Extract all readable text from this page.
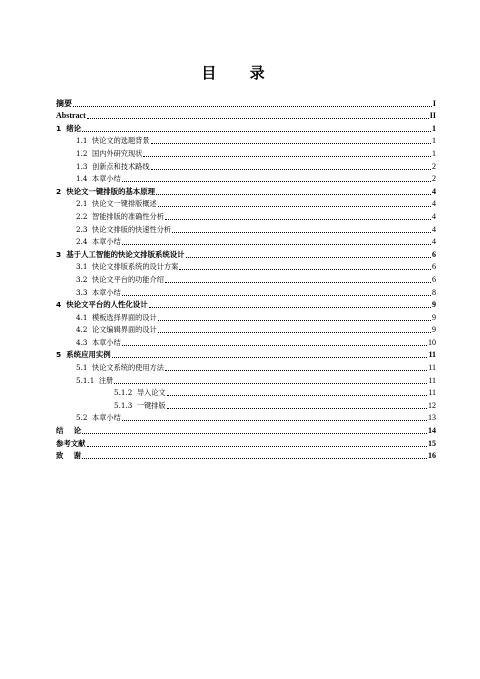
目 录
摘要	I
Abstract	II
1  绪论	1
1.1  快论文的选题背景	1
1.2  国内外研究现状	1
1.3  创新点和技术路线	2
1.4  本章小结	2
2  快论文一键排版的基本原理	4
2.1  快论文一键排版概述	4
2.2  智能排版的准确性分析	4
2.3  快论文排版的快速性分析	4
2.4  本章小结	4
3  基于人工智能的快论文排版系统设计	6
3.1  快论文排版系统的设计方案	6
3.2  快论文平台的功能介绍	6
3.3  本章小结	8
4  快论文平台的人性化设计	9
4.1  模板选择界面的设计	9
4.2  论文编辑界面的设计	9
4.3  本章小结	10
5  系统应用实例	11
5.1  快论文系统的使用方法	11
5.1.1  注册	11
5.1.2  导入论文	11
5.1.3  一键排版	12
5.2  本章小结	13
结    论	14
参考文献	15
致    谢	16
